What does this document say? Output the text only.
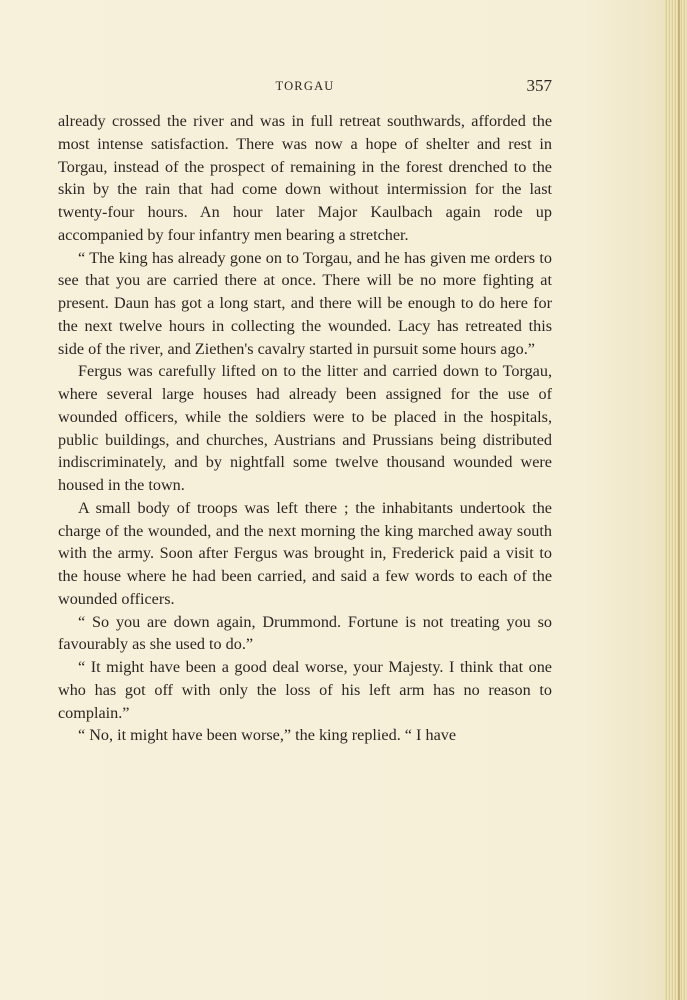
TORGAU	357

already crossed the river and was in full retreat southwards, afforded the most intense satisfaction. There was now a hope of shelter and rest in Torgau, instead of the prospect of remaining in the forest drenched to the skin by the rain that had come down without intermission for the last twenty-four hours. An hour later Major Kaulbach again rode up accompanied by four infantry men bearing a stretcher.

“ The king has already gone on to Torgau, and he has given me orders to see that you are carried there at once. There will be no more fighting at present. Daun has got a long start, and there will be enough to do here for the next twelve hours in collecting the wounded. Lacy has retreated this side of the river, and Ziethen's cavalry started in pursuit some hours ago.”

Fergus was carefully lifted on to the litter and carried down to Torgau, where several large houses had already been assigned for the use of wounded officers, while the soldiers were to be placed in the hospitals, public buildings, and churches, Austrians and Prussians being distributed indiscriminately, and by nightfall some twelve thousand wounded were housed in the town.

A small body of troops was left there ; the inhabitants undertook the charge of the wounded, and the next morning the king marched away south with the army. Soon after Fergus was brought in, Frederick paid a visit to the house where he had been carried, and said a few words to each of the wounded officers.

“ So you are down again, Drummond. Fortune is not treating you so favourably as she used to do.”

“ It might have been a good deal worse, your Majesty. I think that one who has got off with only the loss of his left arm has no reason to complain.”

“ No, it might have been worse,” the king replied. “ I have
